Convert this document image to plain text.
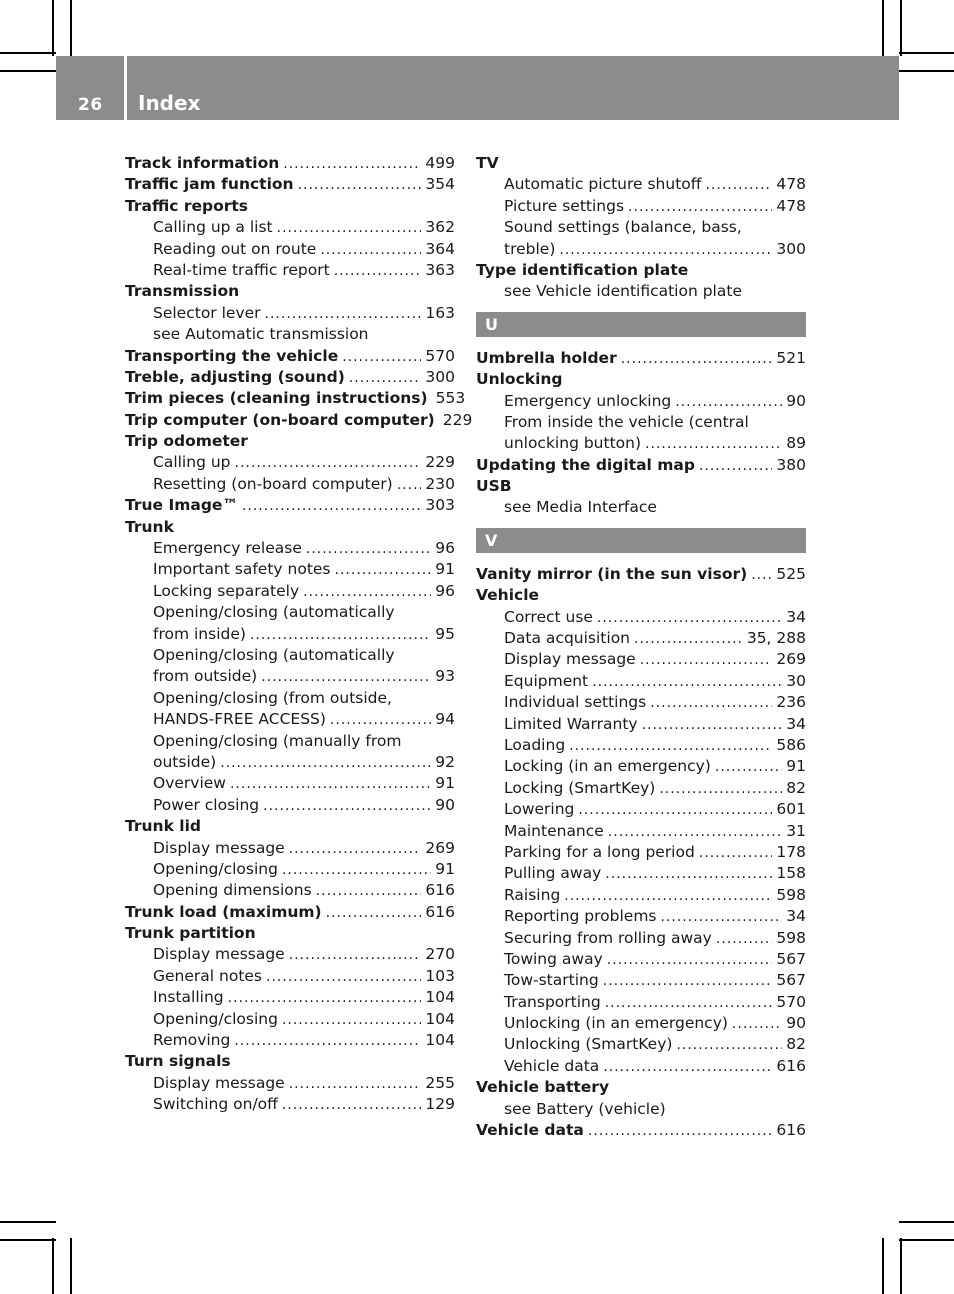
26 Index
Track information .....	499
Traffic jam function .....	354
Traffic reports
Calling up a list .....	362
Reading out on route .....	364
Real-time traffic report .....	363
Transmission
Selector lever .....	163
see Automatic transmission
Transporting the vehicle .....	570
Treble, adjusting (sound) .....	300
Trim pieces (cleaning instructions) 553
Trip computer (on-board computer) 229
Trip odometer
Calling up .....	229
Resetting (on-board computer) ..... 230
True Image™ .....	303
Trunk
Emergency release .....	96
Important safety notes .....	91
Locking separately .....	96
Opening/closing (automatically
from inside) .....	95
Opening/closing (automatically
from outside) .....	93
Opening/closing (from outside,
HANDS-FREE ACCESS) .....	94
Opening/closing (manually from
outside) .....	92
Overview .....	91
Power closing .....	90
Trunk lid
Display message .....	269
Opening/closing .....	91
Opening dimensions .....	616
Trunk load (maximum) .....	616
Trunk partition
Display message .....	270
General notes .....	103
Installing .....	104
Opening/closing .....	104
Removing .....	104
Turn signals
Display message .....	255
Switching on/off .....	129
TV
Automatic picture shutoff .....	478
Picture settings .....	478
Sound settings (balance, bass,
treble) .....	300
Type identification plate
see Vehicle identification plate
U
Umbrella holder .....	521
Unlocking
Emergency unlocking .....	90
From inside the vehicle (central
unlocking button) .....	89
Updating the digital map .....	380
USB
see Media Interface
V
Vanity mirror (in the sun visor) ..... 525
Vehicle
Correct use .....	34
Data acquisition .....	35, 288
Display message .....	269
Equipment .....	30
Individual settings .....	236
Limited Warranty .....	34
Loading .....	586
Locking (in an emergency) .....	91
Locking (SmartKey) .....	82
Lowering .....	601
Maintenance .....	31
Parking for a long period .....	178
Pulling away .....	158
Raising .....	598
Reporting problems .....	34
Securing from rolling away .....	598
Towing away .....	567
Tow-starting .....	567
Transporting .....	570
Unlocking (in an emergency) .....	90
Unlocking (SmartKey) .....	82
Vehicle data .....	616
Vehicle battery
see Battery (vehicle)
Vehicle data .....	616
